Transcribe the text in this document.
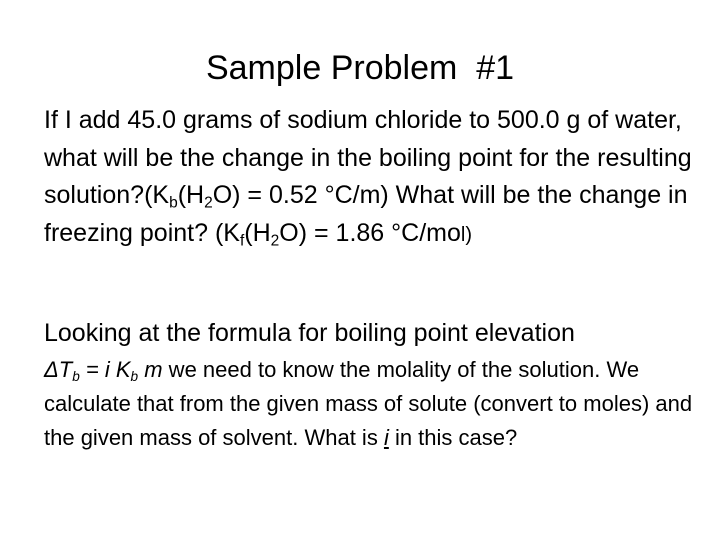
Sample Problem  #1
If I add 45.0 grams of sodium chloride to 500.0 g of water, what will be the change in the boiling point for the resulting $solution?(K_b(H_2O) = 0.52$ °C/m) What will be the change in freezing point? ($K_f(H_2O) = 1.86$ °C/mol)
Looking at the formula for boiling point elevation
$\Delta T_b = i$ $K_b$ m we need to know the molality of the solution. We calculate that from the given mass of solute (convert to moles) and the given mass of solvent. What is i in this case?
